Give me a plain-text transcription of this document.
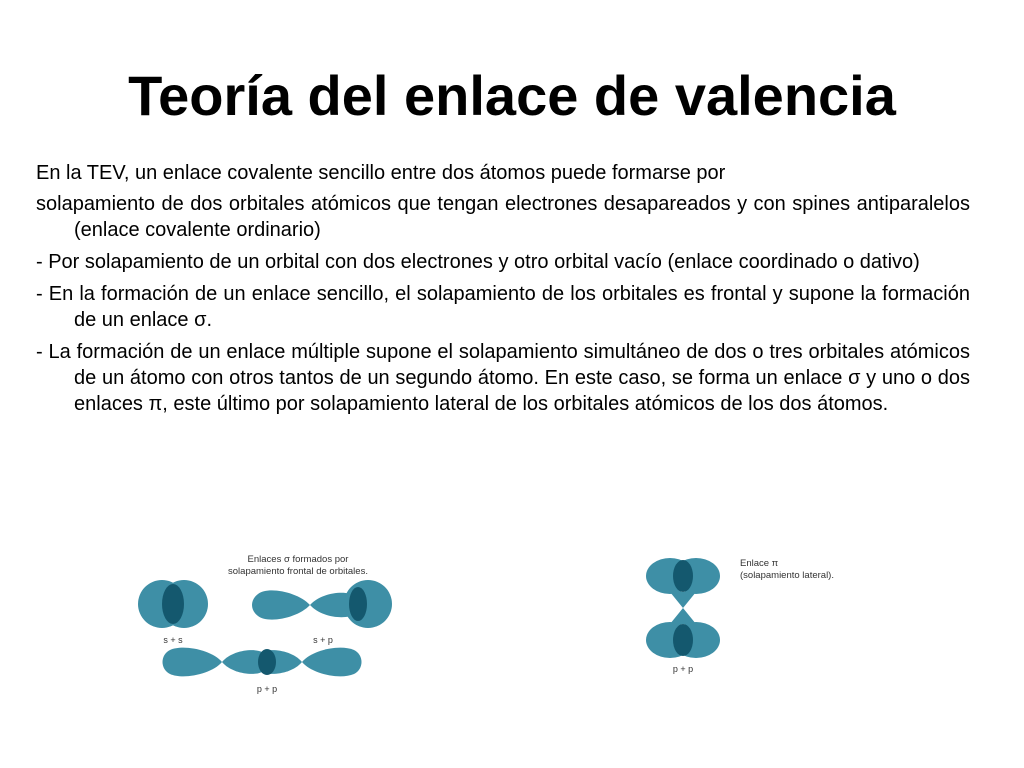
Teoría del enlace de valencia

En la TEV, un enlace covalente sencillo entre dos átomos puede formarse por

solapamiento de dos orbitales atómicos que tengan electrones desapareados y con spines antiparalelos (enlace covalente ordinario)

- Por solapamiento de un orbital con dos electrones y otro orbital vacío (enlace coordinado o dativo)

- En la formación de un enlace sencillo, el solapamiento de los orbitales es frontal y supone la formación de un enlace σ.

- La formación de un enlace múltiple supone el solapamiento simultáneo de dos o tres orbitales atómicos de un átomo con otros tantos de un segundo átomo. En este caso, se forma un enlace σ y uno o dos enlaces π, este último por solapamiento lateral de los orbitales atómicos de los dos átomos.

Enlaces σ formados por
solapamiento frontal de orbitales.
s + s	s + p
p + p
p + p
Enlace π
(solapamiento lateral).
